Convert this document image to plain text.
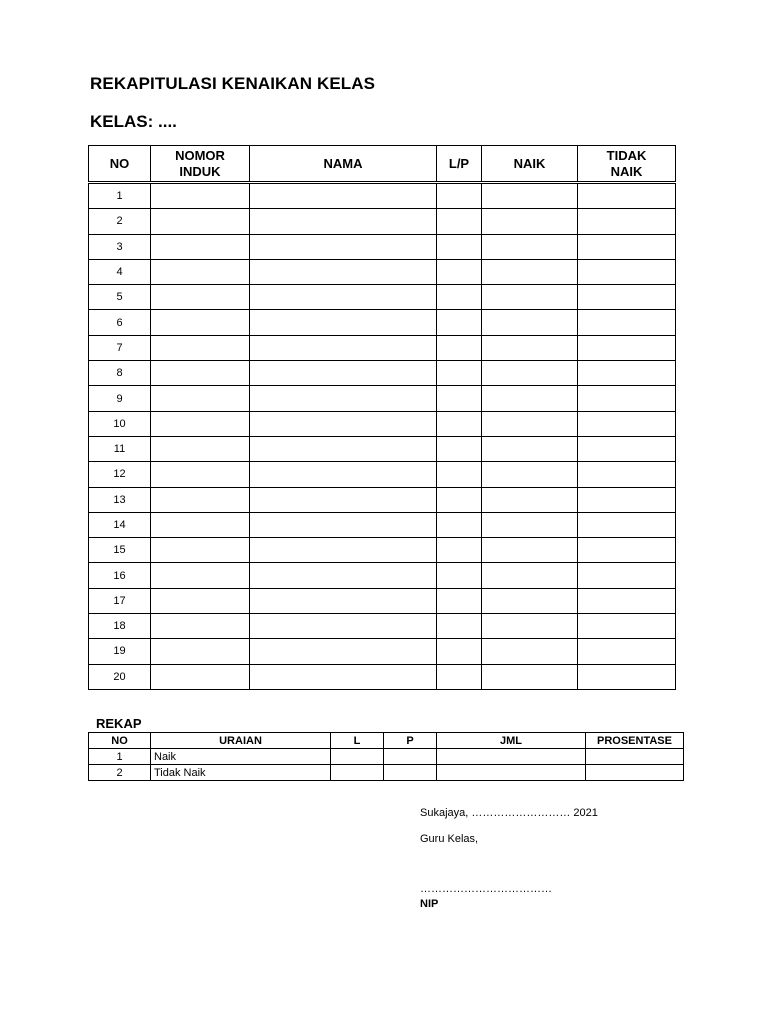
REKAPITULASI KENAIKAN KELAS
KELAS: ....
NO	NOMOR INDUK	NAMA	L/P	NAIK	TIDAK NAIK
1					
2					
3					
4					
5					
6					
7					
8					
9					
10					
11					
12					
13					
14					
15					
16					
17					
18					
19					
20					
REKAP
NO	URAIAN	L	P	JML	PROSENTASE
1	Naik				
2	Tidak Naik				
Sukajaya, ……………………… 2021
Guru Kelas,
………………………………
NIP
